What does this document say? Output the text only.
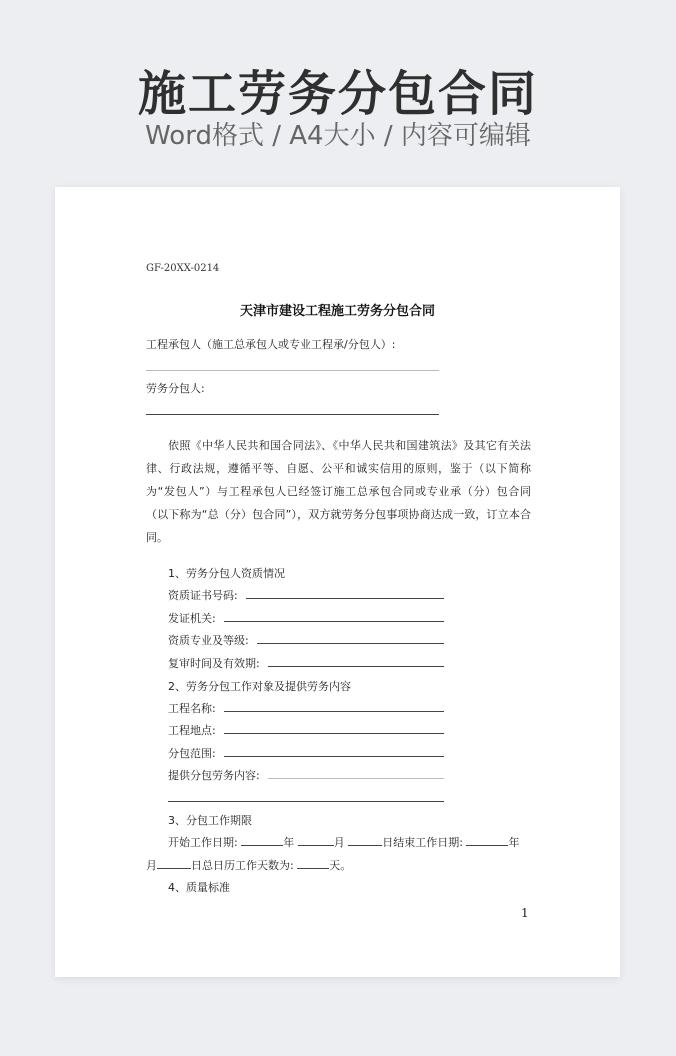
施工劳务分包合同
Word格式 / A4大小 / 内容可编辑
GF-20XX-0214
天津市建设工程施工劳务分包合同
工程承包人（施工总承包人或专业工程承/分包人）:
劳务分包人:
依照《中华人民共和国合同法》、《中华人民共和国建筑法》及其它有关法律、行政法规，遵循平等、自愿、公平和诚实信用的原则，鉴于（以下简称为“发包人”）与工程承包人已经签订施工总承包合同或专业承（分）包合同（以下称为“总（分）包合同”），双方就劳务分包事项协商达成一致，订立本合同。
1、劳务分包人资质情况
资质证书号码:
发证机关:
资质专业及等级:
复审时间及有效期:
2、劳务分包工作对象及提供劳务内容
工程名称:
工程地点:
分包范围:
提供分包劳务内容:
3、分包工作期限
开始工作日期:	年	月	日结束工作日期:	年
月	日总日历工作天数为:	天。
4、质量标准
1
